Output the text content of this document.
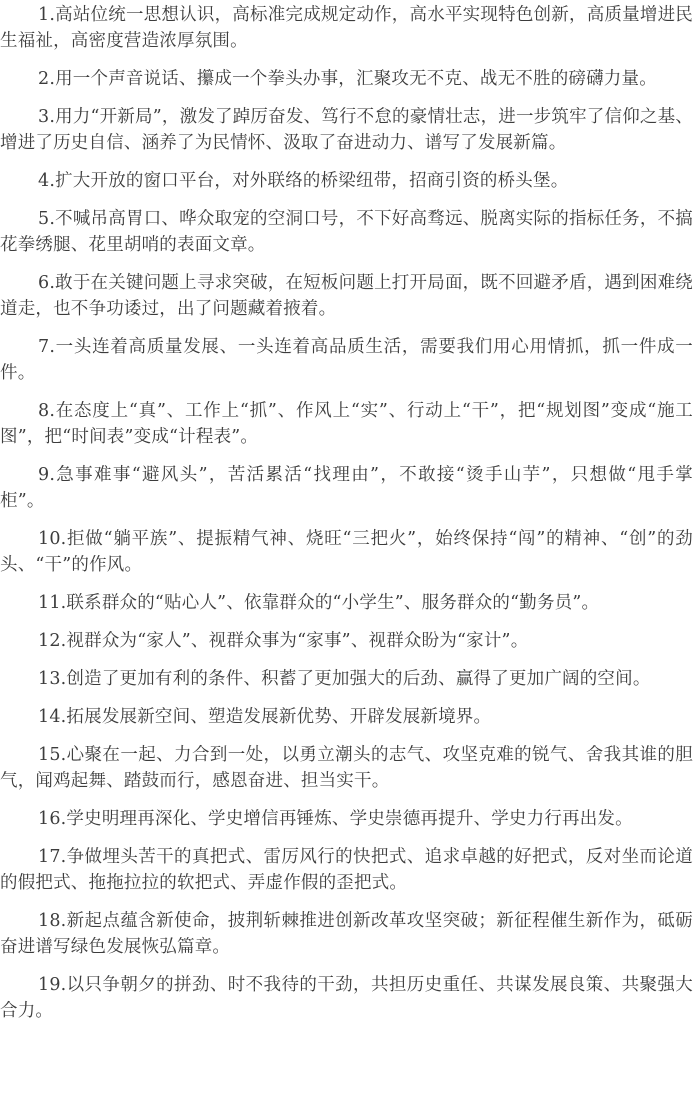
1.高站位统一思想认识，高标准完成规定动作，高水平实现特色创新，高质量增进民生福祉，高密度营造浓厚氛围。

2.用一个声音说话、攥成一个拳头办事，汇聚攻无不克、战无不胜的磅礴力量。

3.用力“开新局”，激发了踔厉奋发、笃行不怠的豪情壮志，进一步筑牢了信仰之基、增进了历史自信、涵养了为民情怀、汲取了奋进动力、谱写了发展新篇。

4.扩大开放的窗口平台，对外联络的桥梁纽带，招商引资的桥头堡。

5.不喊吊高胃口、哗众取宠的空洞口号，不下好高骛远、脱离实际的指标任务，不搞花拳绣腿、花里胡哨的表面文章。

6.敢于在关键问题上寻求突破，在短板问题上打开局面，既不回避矛盾，遇到困难绕道走，也不争功诿过，出了问题藏着掖着。

7.一头连着高质量发展、一头连着高品质生活，需要我们用心用情抓，抓一件成一件。

8.在态度上“真”、工作上“抓”、作风上“实”、行动上“干”，把“规划图”变成“施工图”，把“时间表”变成“计程表”。

9.急事难事“避风头”，苦活累活“找理由”，不敢接“烫手山芋”，只想做“甩手掌柜”。

10.拒做“躺平族”、提振精气神、烧旺“三把火”，始终保持“闯”的精神、“创”的劲头、“干”的作风。

11.联系群众的“贴心人”、依靠群众的“小学生”、服务群众的“勤务员”。

12.视群众为“家人”、视群众事为“家事”、视群众盼为“家计”。

13.创造了更加有利的条件、积蓄了更加强大的后劲、赢得了更加广阔的空间。

14.拓展发展新空间、塑造发展新优势、开辟发展新境界。

15.心聚在一起、力合到一处，以勇立潮头的志气、攻坚克难的锐气、舍我其谁的胆气，闻鸡起舞、踏鼓而行，感恩奋进、担当实干。

16.学史明理再深化、学史增信再锤炼、学史崇德再提升、学史力行再出发。

17.争做埋头苦干的真把式、雷厉风行的快把式、追求卓越的好把式，反对坐而论道的假把式、拖拖拉拉的软把式、弄虚作假的歪把式。

18.新起点蕴含新使命，披荆斩棘推进创新改革攻坚突破；新征程催生新作为，砥砺奋进谱写绿色发展恢弘篇章。

19.以只争朝夕的拼劲、时不我待的干劲，共担历史重任、共谋发展良策、共聚强大合力。
